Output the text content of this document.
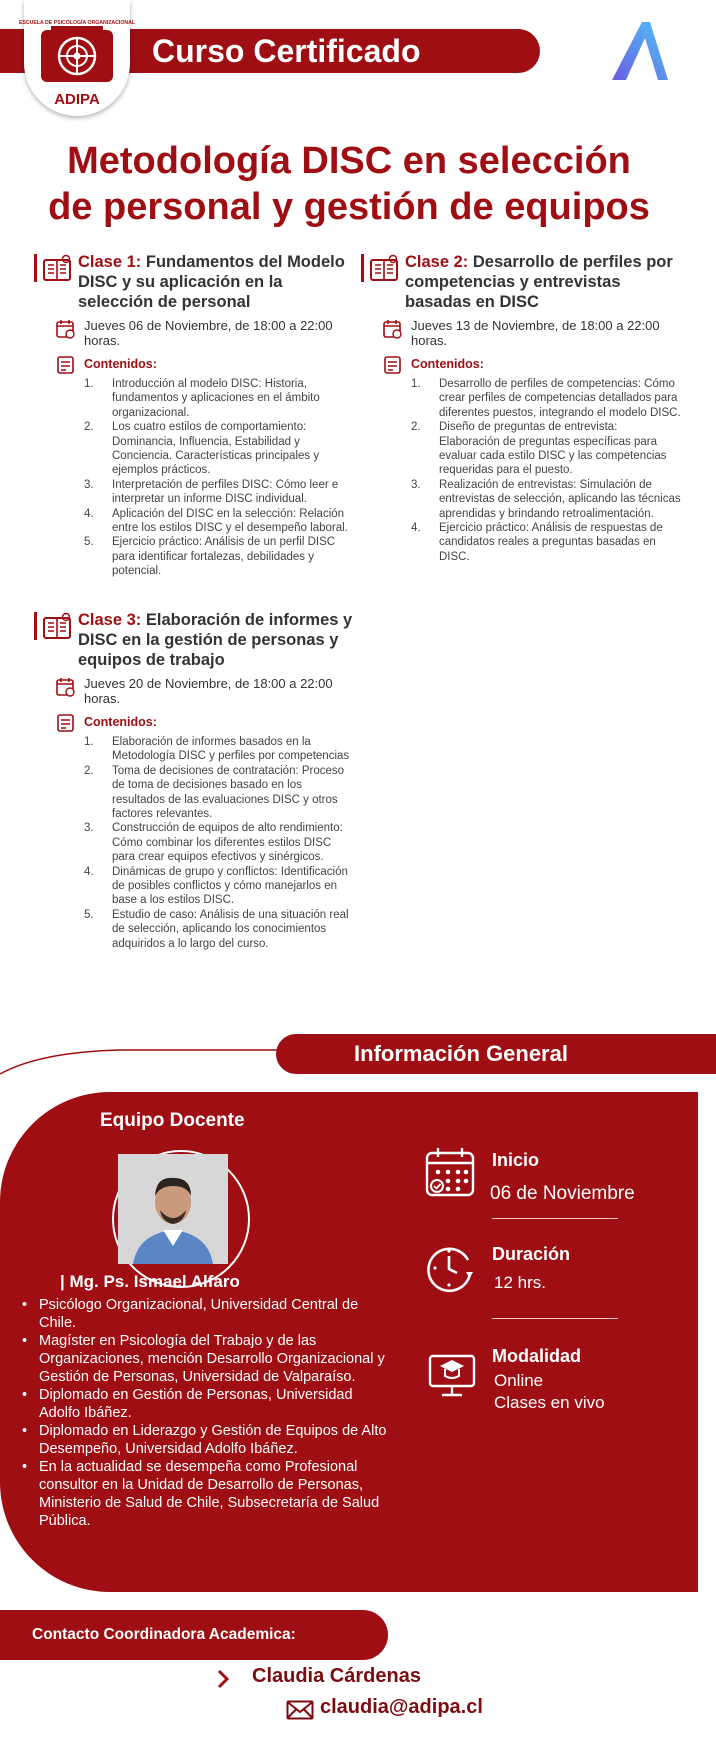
Curso Certificado
ESCUELA DE PSICOLOGÍA ORGANIZACIONAL
ADIPA
Metodología DISC en selección
de personal y gestión de equipos
Clase 1: Fundamentos del Modelo DISC y su aplicación en la selección de personal
Jueves 06 de Noviembre, de 18:00 a 22:00 horas.
Contenidos:
1. Introducción al modelo DISC: Historia, fundamentos y aplicaciones en el ámbito organizacional.
2. Los cuatro estilos de comportamiento: Dominancia, Influencia, Estabilidad y Conciencia. Características principales y ejemplos prácticos.
3. Interpretación de perfiles DISC: Cómo leer e interpretar un informe DISC individual.
4. Aplicación del DISC en la selección: Relación entre los estilos DISC y el desempeño laboral.
5. Ejercicio práctico: Análisis de un perfil DISC para identificar fortalezas, debilidades y potencial.
Clase 2: Desarrollo de perfiles por competencias y entrevistas basadas en DISC
Jueves 13 de Noviembre, de 18:00 a 22:00 horas.
Contenidos:
1. Desarrollo de perfiles de competencias: Cómo crear perfiles de competencias detallados para diferentes puestos, integrando el modelo DISC.
2. Diseño de preguntas de entrevista: Elaboración de preguntas específicas para evaluar cada estilo DISC y las competencias requeridas para el puesto.
3. Realización de entrevistas: Simulación de entrevistas de selección, aplicando las técnicas aprendidas y brindando retroalimentación.
4. Ejercicio práctico: Análisis de respuestas de candidatos reales a preguntas basadas en DISC.
Clase 3: Elaboración de informes y DISC en la gestión de personas y equipos de trabajo
Jueves 20 de Noviembre, de 18:00 a 22:00 horas.
Contenidos:
1. Elaboración de informes basados en la Metodología DISC y perfiles por competencias
2. Toma de decisiones de contratación: Proceso de toma de decisiones basado en los resultados de las evaluaciones DISC y otros factores relevantes.
3. Construcción de equipos de alto rendimiento: Cómo combinar los diferentes estilos DISC para crear equipos efectivos y sinérgicos.
4. Dinámicas de grupo y conflictos: Identificación de posibles conflictos y cómo manejarlos en base a los estilos DISC.
5. Estudio de caso: Análisis de una situación real de selección, aplicando los conocimientos adquiridos a lo largo del curso.
Información General
Equipo Docente
| Mg. Ps. Ismael Alfaro
• Psicólogo Organizacional, Universidad Central de Chile.
• Magíster en Psicología del Trabajo y de las Organizaciones, mención Desarrollo Organizacional y Gestión de Personas, Universidad de Valparaíso.
• Diplomado en Gestión de Personas, Universidad Adolfo Ibáñez.
• Diplomado en Liderazgo y Gestión de Equipos de Alto Desempeño, Universidad Adolfo Ibáñez.
• En la actualidad se desempeña como Profesional consultor en la Unidad de Desarrollo de Personas, Ministerio de Salud de Chile, Subsecretaría de Salud Pública.
Inicio
06 de Noviembre
Duración
12 hrs.
Modalidad
Online
Clases en vivo
Contacto Coordinadora Academica:
Claudia Cárdenas
claudia@adipa.cl
